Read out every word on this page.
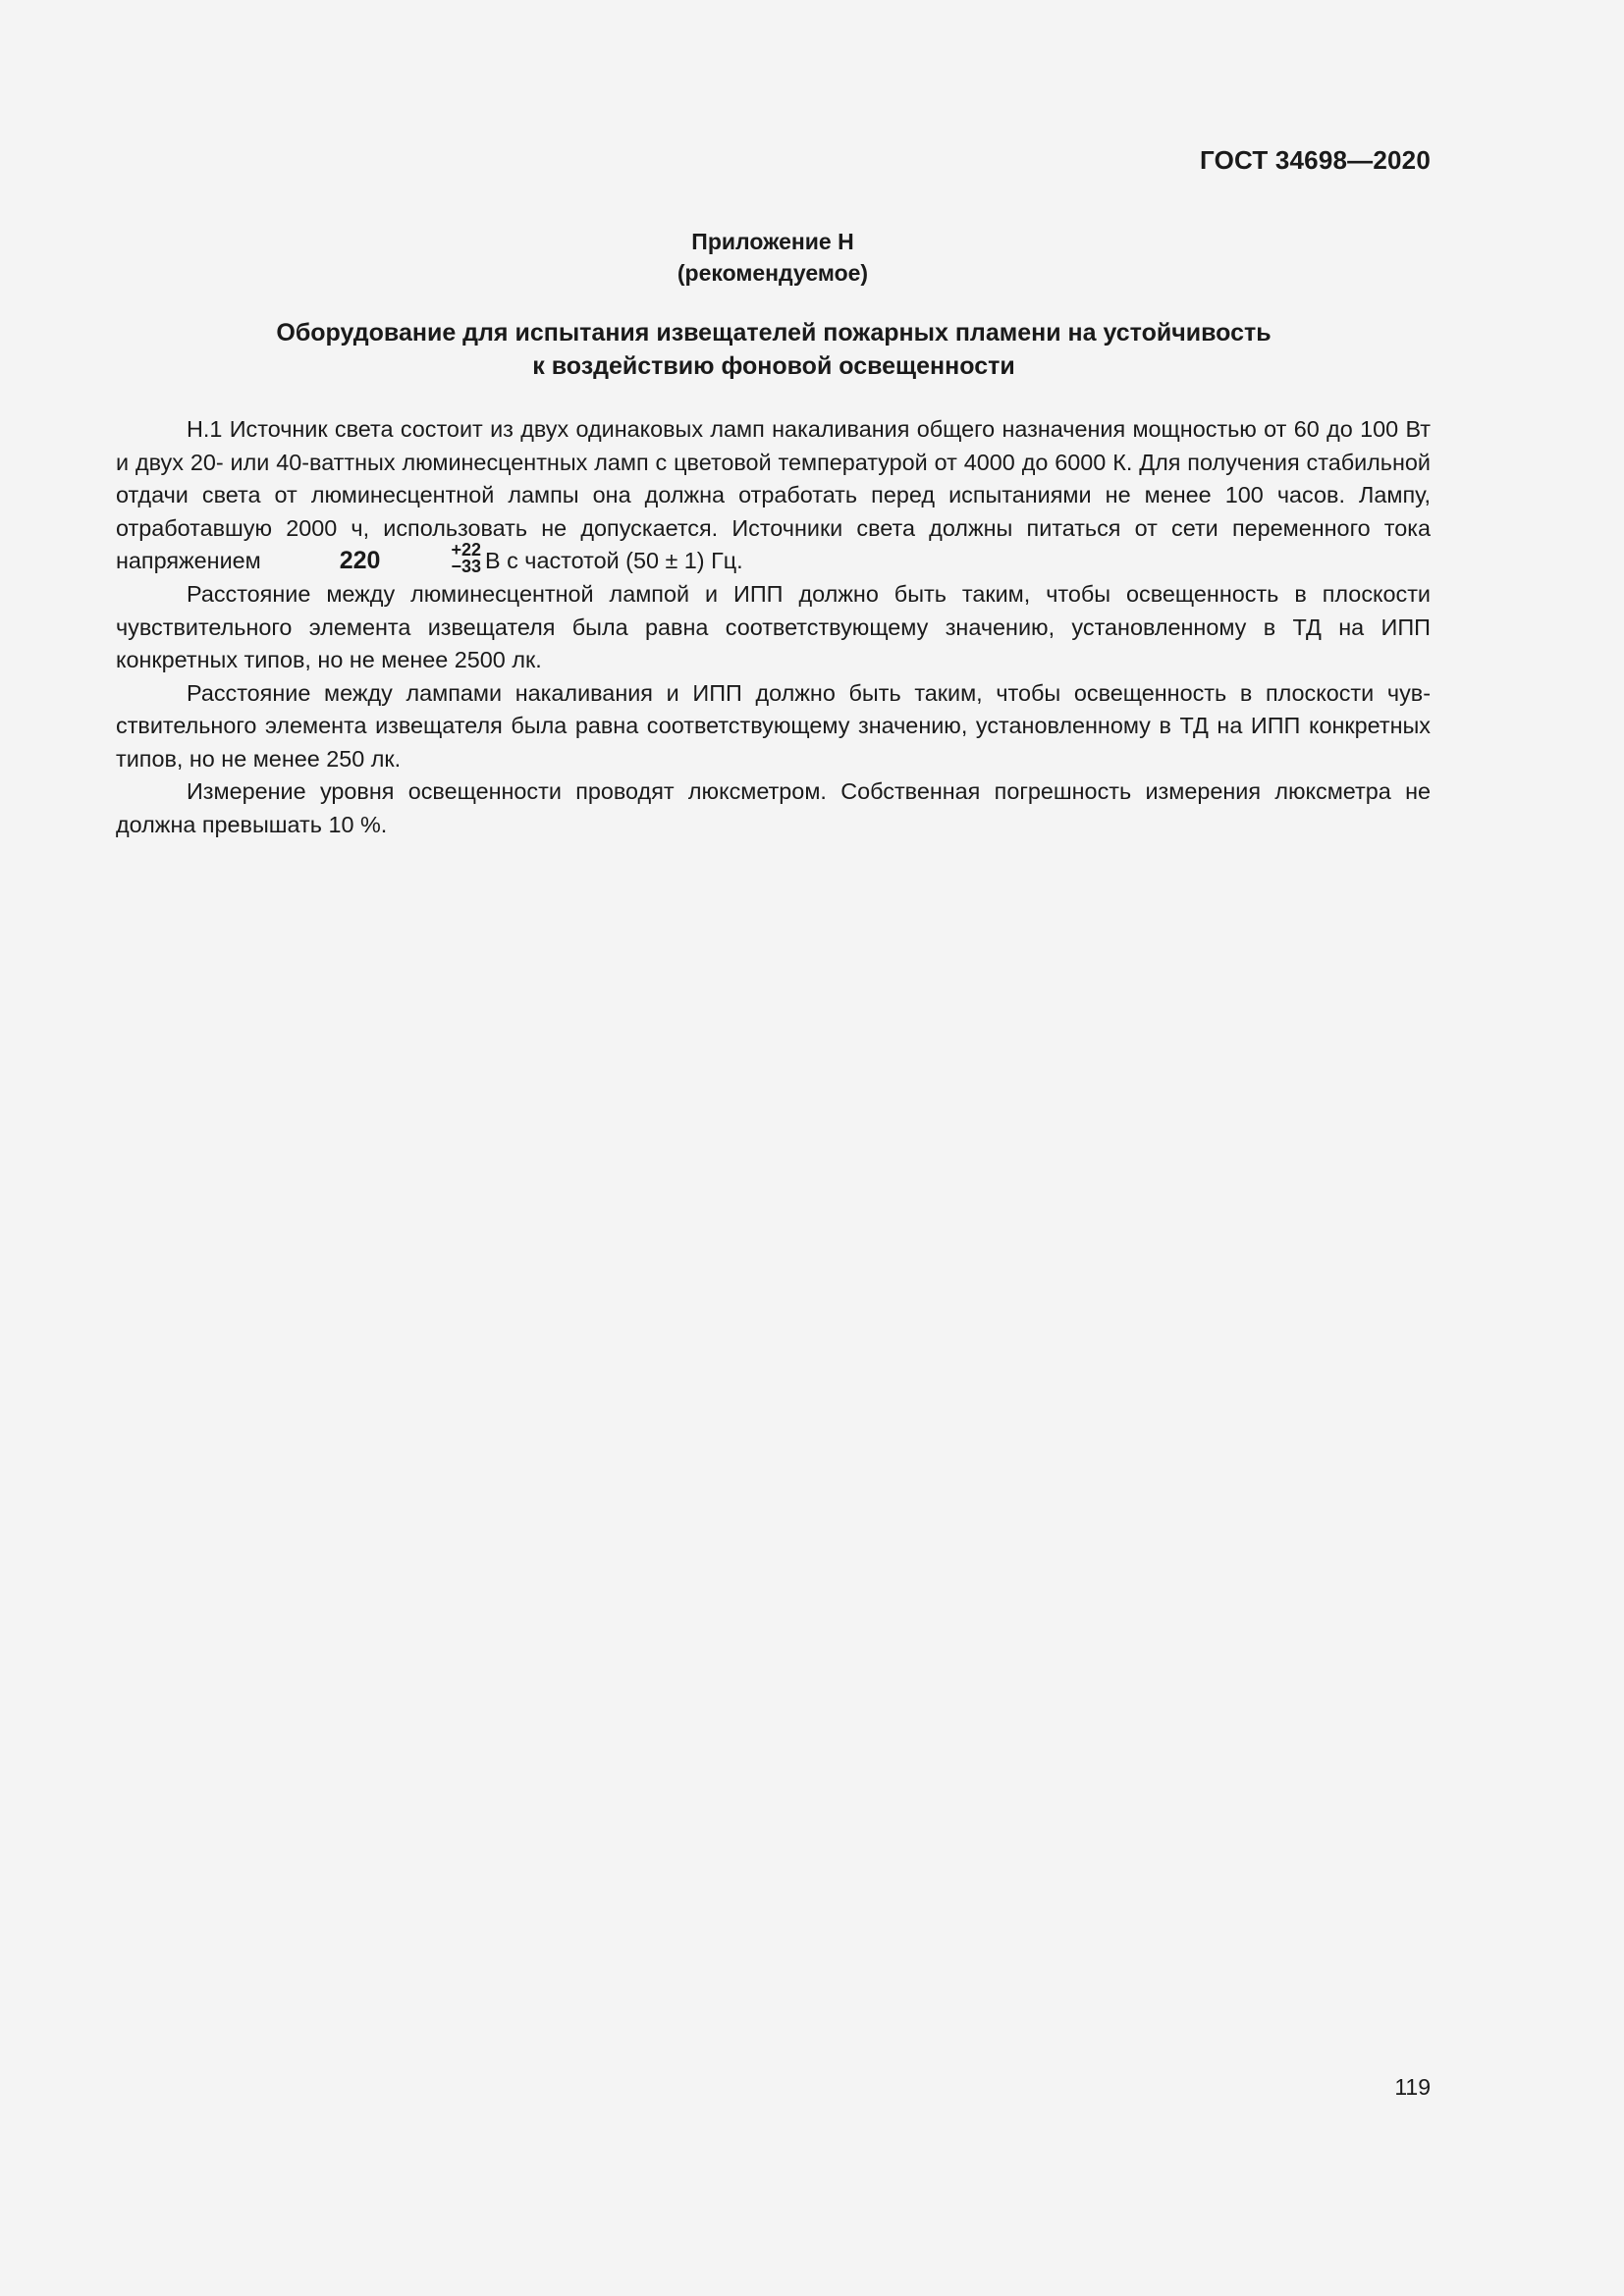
ГОСТ 34698—2020
Приложение Н
(рекомендуемое)
Оборудование для испытания извещателей пожарных пламени на устойчивость
к воздействию фоновой освещенности

Н.1 Источник света состоит из двух одинаковых ламп накаливания общего назначения мощностью от 60 до 100 Вт и двух 20- или 40-ваттных люминесцентных ламп с цветовой температурой от 4000 до 6000 К. Для получения стабильной отдачи света от люминесцентной лампы она должна отработать перед испытаниями не менее 100 часов. Лампу, отработавшую 2000 ч, использовать не допускается. Источники света должны питаться от сети переменного тока напряжением	220	+22
−33 В с частотой (50 ± 1) Гц.

Расстояние между люминесцентной лампой и ИПП должно быть таким, чтобы освещенность в плоскости чувствительного элемента извещателя была равна соответствующему значению, установленному в ТД на ИПП конкретных типов, но не менее 2500 лк.

Расстояние между лампами накаливания и ИПП должно быть таким, чтобы освещенность в плоскости чувствительного элемента извещателя была равна соответствующему значению, установленному в ТД на ИПП конкретных типов, но не менее 250 лк.

Измерение уровня освещенности проводят люксметром. Собственная погрешность измерения люксметра не должна превышать 10 %.

119
